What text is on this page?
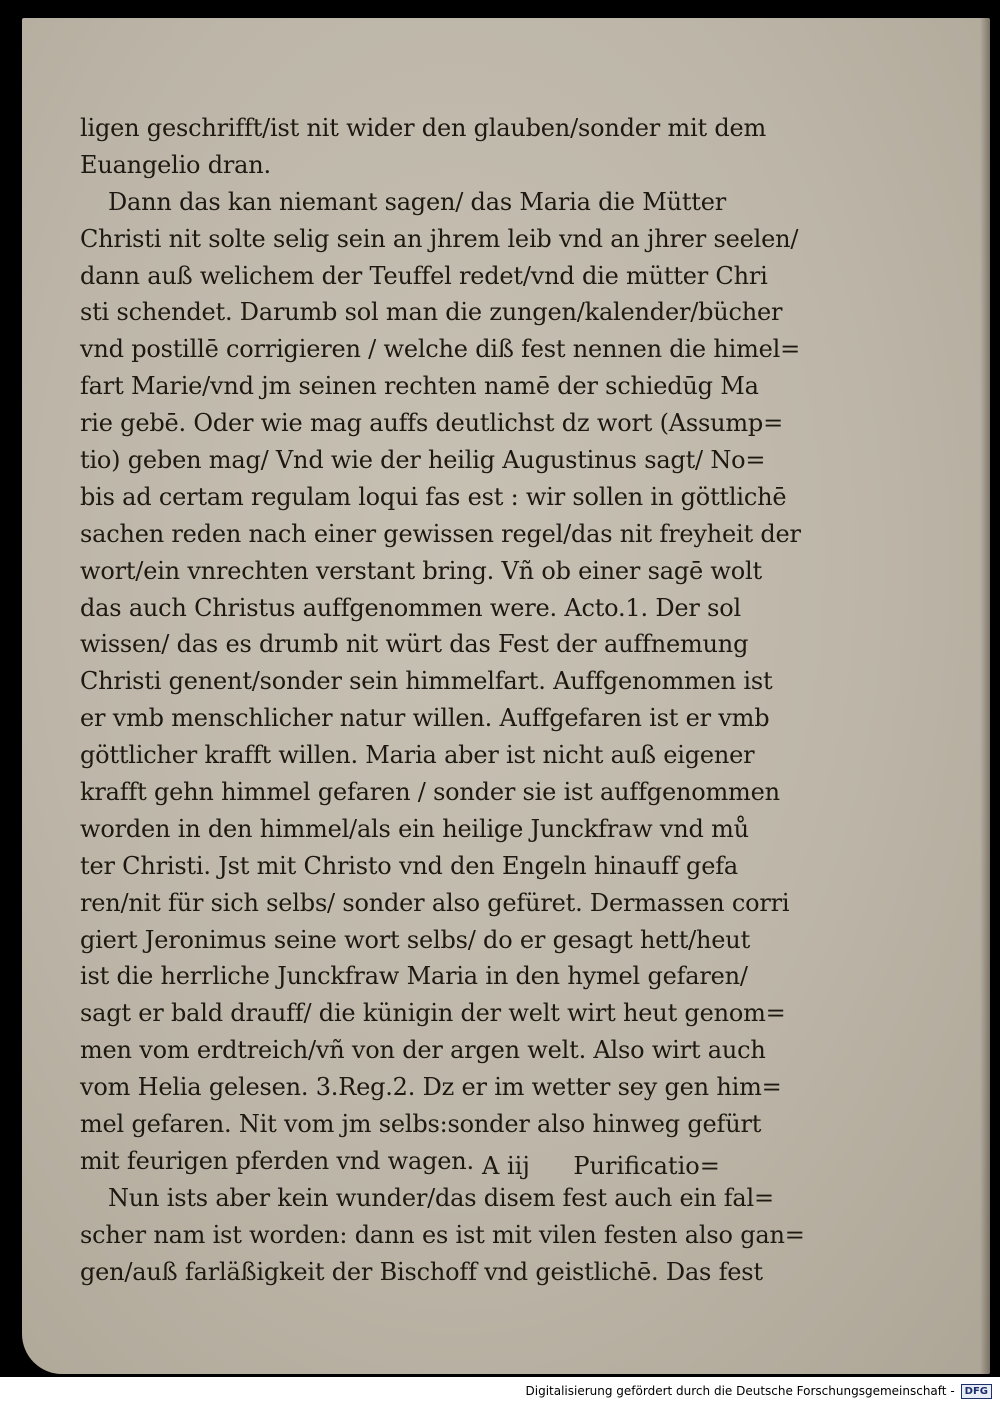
ligen geschrifft/ist nit wider den glauben/sonder mit dem
Euangelio dran.
Dann das kan niemant sagen/ das Maria die Mütter
Christi nit solte selig sein an jhrem leib vnd an jhrer seelen/
dann auß welichem der Teuffel redet/vnd die mütter Chri
sti schendet. Darumb sol man die zungen/kalender/bücher
vnd postillē corrigieren / welche diß fest nennen die himel=
fart Marie/vnd jm seinen rechten namē der schiedūg Ma
rie gebē. Oder wie mag auffs deutlichst dz wort (Assump=
tio) geben mag/ Vnd wie der heilig Augustinus sagt/ No=
bis ad certam regulam loqui fas est : wir sollen in göttlichē
sachen reden nach einer gewissen regel/das nit freyheit der
wort/ein vnrechten verstant bring. Vñ ob einer sagē wolt
das auch Christus auffgenommen were. Acto.1. Der sol
wissen/ das es drumb nit würt das Fest der auffnemung
Christi genent/sonder sein himmelfart. Auffgenommen ist
er vmb menschlicher natur willen. Auffgefaren ist er vmb
göttlicher krafft willen. Maria aber ist nicht auß eigener
krafft gehn himmel gefaren / sonder sie ist auffgenommen
worden in den himmel/als ein heilige Junckfraw vnd mů
ter Christi. Jst mit Christo vnd den Engeln hinauff gefa
ren/nit für sich selbs/ sonder also gefüret. Dermassen corri
giert Jeronimus seine wort selbs/ do er gesagt hett/heut
ist die herrliche Junckfraw Maria in den hymel gefaren/
sagt er bald drauff/ die künigin der welt wirt heut genom=
men vom erdtreich/vñ von der argen welt. Also wirt auch
vom Helia gelesen. 3.Reg.2. Dz er im wetter sey gen him=
mel gefaren. Nit vom jm selbs:sonder also hinweg gefürt
mit feurigen pferden vnd wagen.
Nun ists aber kein wunder/das disem fest auch ein fal=
scher nam ist worden: dann es ist mit vilen festen also gan=
gen/auß farläßigkeit der Bischoff vnd geistlichē. Das fest
A iij Purificatio=
Digitalisierung gefördert durch die Deutsche Forschungsgemeinschaft -	DFG
